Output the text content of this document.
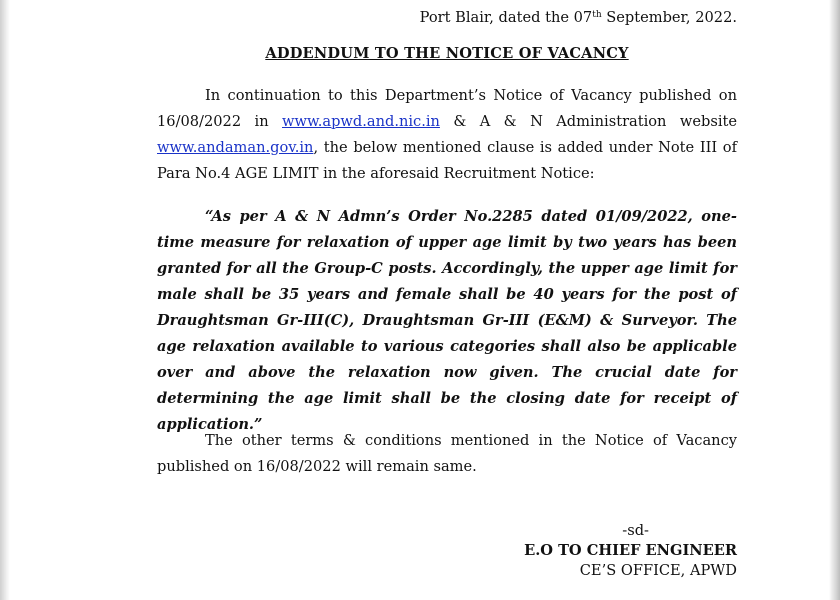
Port Blair, dated the 07th September, 2022.
ADDENDUM TO THE NOTICE OF VACANCY
In continuation to this Department’s Notice of Vacancy published on 16/08/2022 in www.apwd.and.nic.in & A & N Administration website www.andaman.gov.in, the below mentioned clause is added under Note III of Para No.4 AGE LIMIT in the aforesaid Recruitment Notice:
“As per A & N Admn’s Order No.2285 dated 01/09/2022, one-time measure for relaxation of upper age limit by two years has been granted for all the Group-C posts. Accordingly, the upper age limit for male shall be 35 years and female shall be 40 years for the post of Draughtsman Gr-III(C), Draughtsman Gr-III (E&M) & Surveyor. The age relaxation available to various categories shall also be applicable over and above the relaxation now given. The crucial date for determining the age limit shall be the closing date for receipt of application.”
The other terms & conditions mentioned in the Notice of Vacancy published on 16/08/2022 will remain same.
-sd-
E.O TO CHIEF ENGINEER
CE’S OFFICE, APWD
